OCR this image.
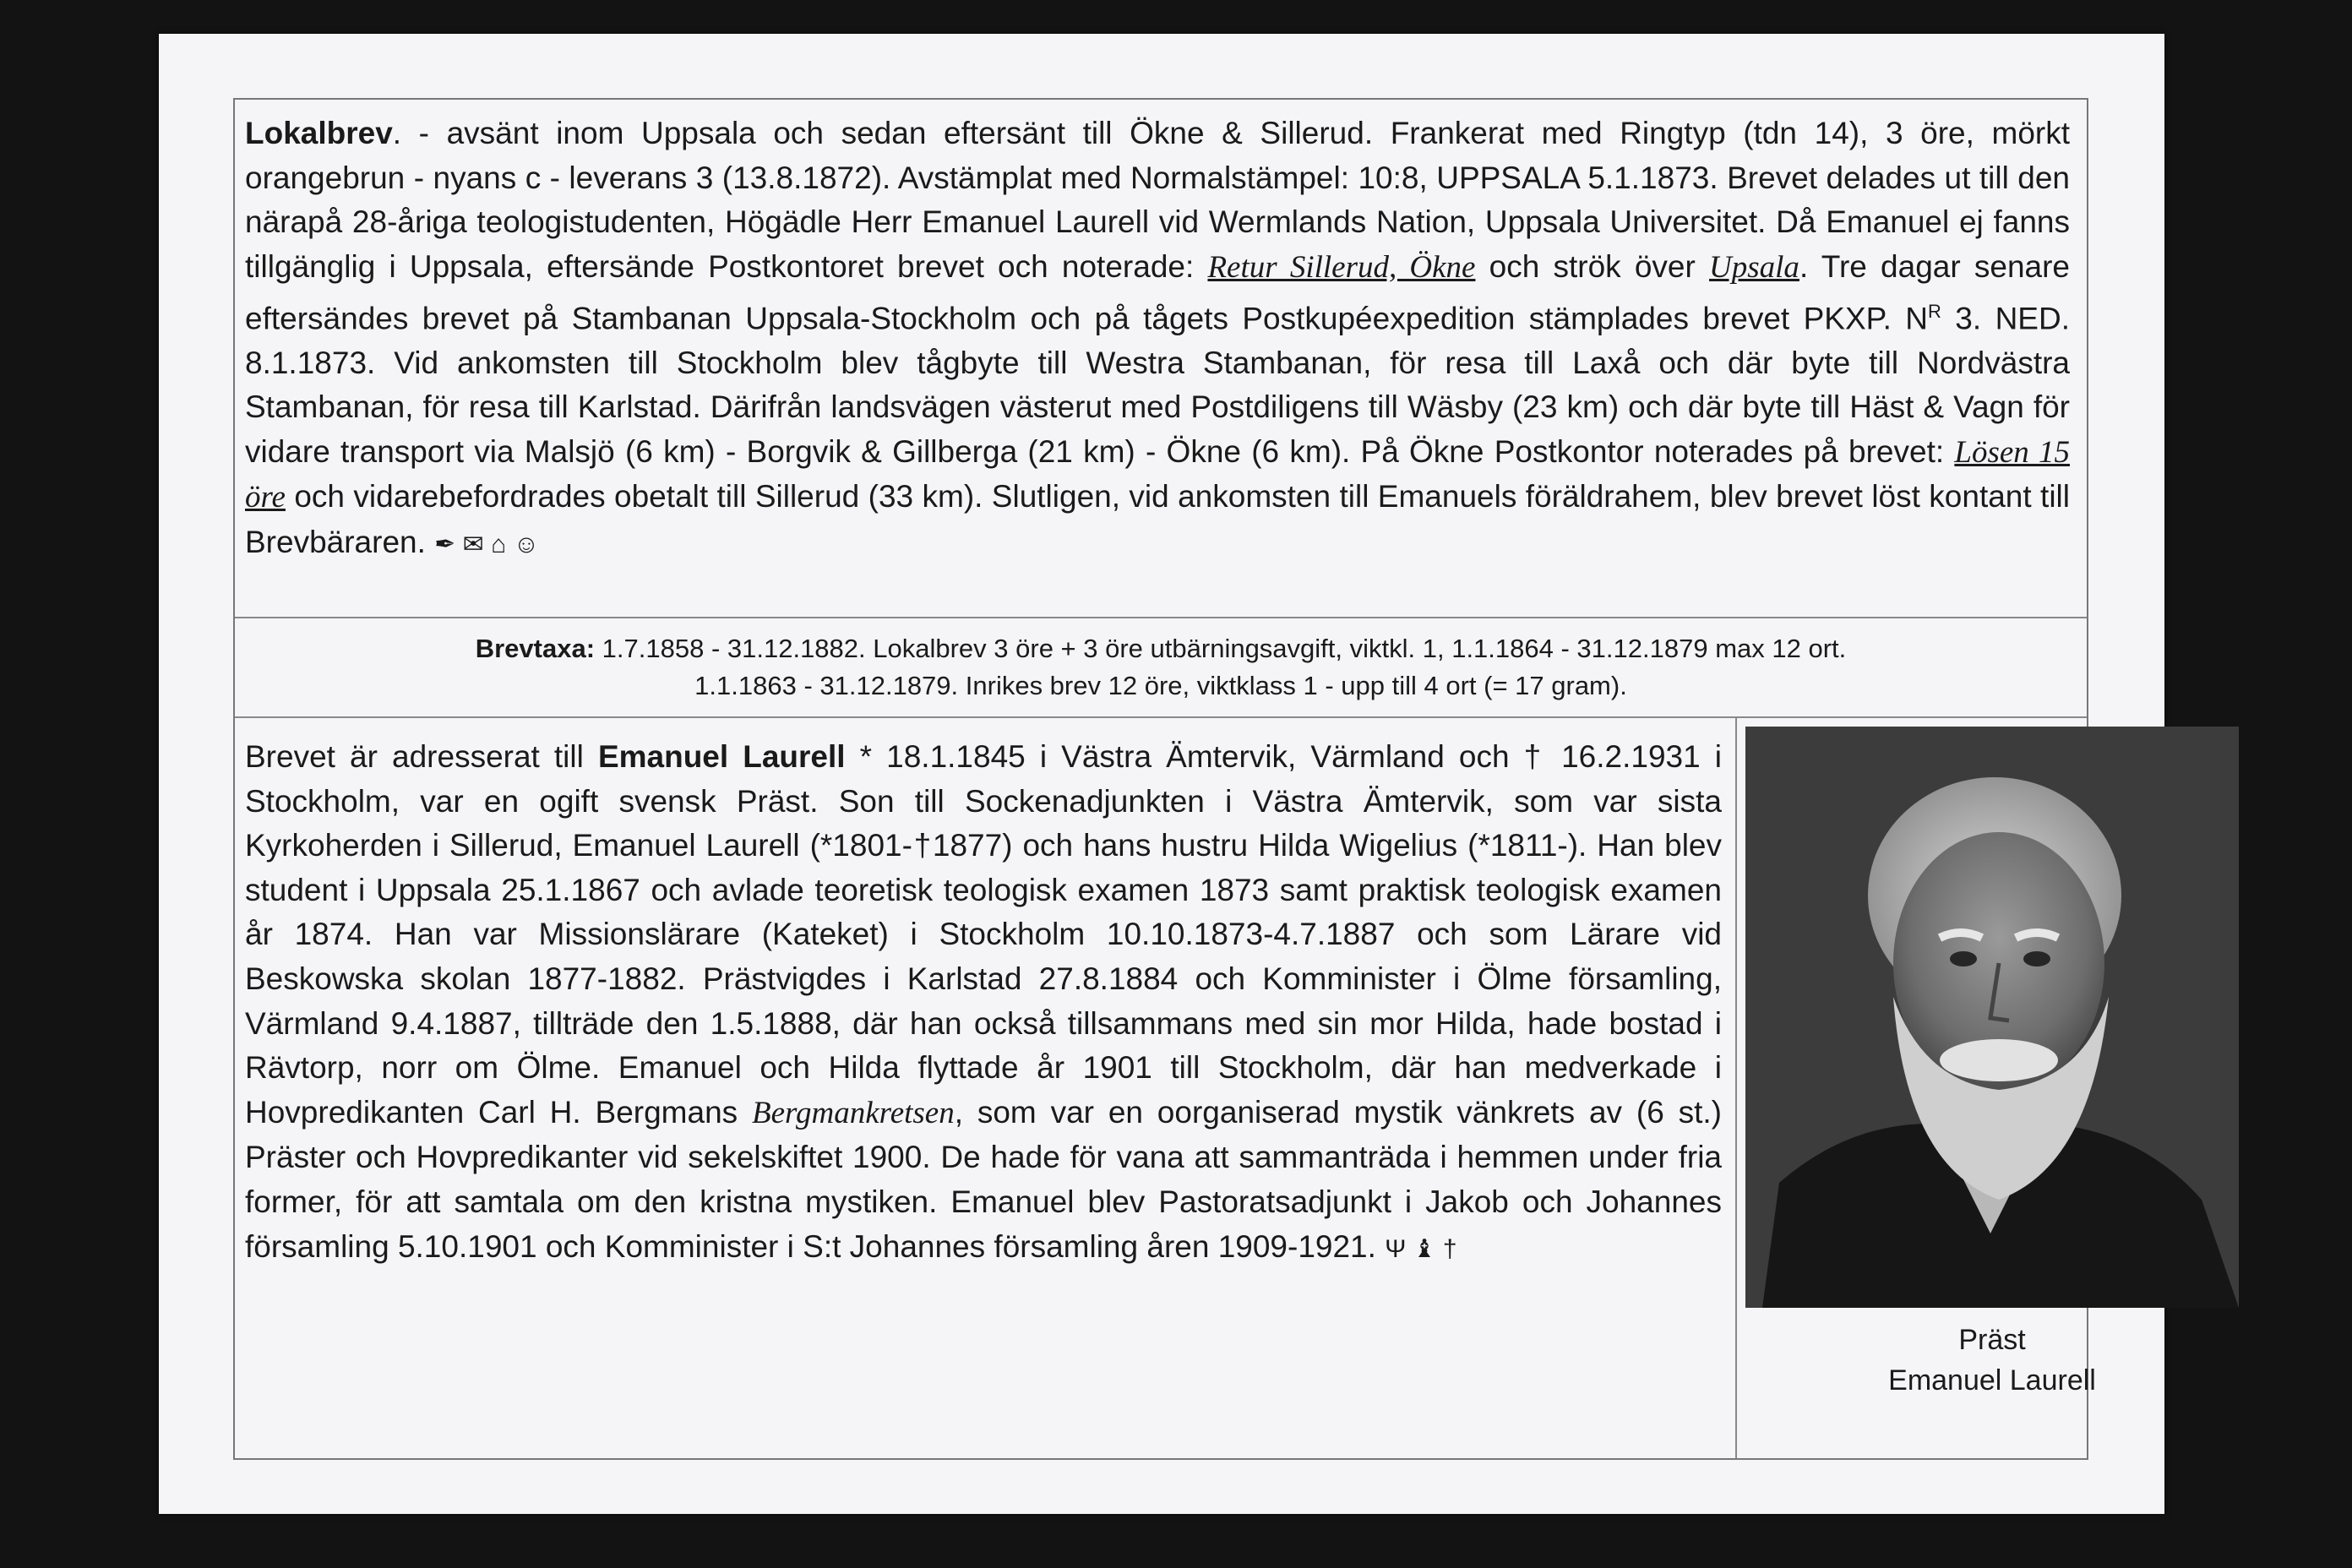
Lokalbrev. - avsänt inom Uppsala och sedan eftersänt till Ökne & Sillerud. Frankerat med Ringtyp (tdn 14), 3 öre, mörkt orangebrun - nyans c - leverans 3 (13.8.1872). Avstämplat med Normalstämpel: 10:8, UPPSALA 5.1.1873. Brevet delades ut till den närapå 28-åriga teologistudenten, Högädle Herr Emanuel Laurell vid Wermlands Nation, Uppsala Universitet. Då Emanuel ej fanns tillgänglig i Uppsala, eftersände Postkontoret brevet och noterade: Retur Sillerud, Ökne och strök över Upsala. Tre dagar senare eftersändes brevet på Stambanan Uppsala-Stockholm och på tågets Postkupéexpedition stämplades brevet PKXP. $N^R$ 3. NED. 8.1.1873. Vid ankomsten till Stockholm blev tågbyte till Westra Stambanan, för resa till Laxå och där byte till Nordvästra Stambanan, för resa till Karlstad. Därifrån landsvägen västerut med Postdiligens till Wäsby (23 km) och där byte till Häst & Vagn för vidare transport via Malsjö (6 km) - Borgvik & Gillberga (21 km) - Ökne (6 km). På Ökne Postkontor noterades på brevet: Lösen 15 öre och vidarebefordrades obetalt till Sillerud (33 km). Slutligen, vid ankomsten till Emanuels föräldrahem, blev brevet löst kontant till Brevbäraren. ✒ ✉ ⌂ ☺
Brevtaxa: 1.7.1858 - 31.12.1882. Lokalbrev 3 öre + 3 öre utbärningsavgift, viktkl. 1, 1.1.1864 - 31.12.1879 max 12 ort.
1.1.1863 - 31.12.1879. Inrikes brev 12 öre, viktklass 1 - upp till 4 ort (= 17 gram).
Brevet är adresserat till Emanuel Laurell * 18.1.1845 i Västra Ämtervik, Värmland och † 16.2.1931 i Stockholm, var en ogift svensk Präst. Son till Sockenadjunkten i Västra Ämtervik, som var sista Kyrkoherden i Sillerud, Emanuel Laurell (*1801-†1877) och hans hustru Hilda Wigelius (*1811-). Han blev student i Uppsala 25.1.1867 och avlade teoretisk teologisk examen 1873 samt praktisk teologisk examen år 1874. Han var Missionslärare (Kateket) i Stockholm 10.10.1873-4.7.1887 och som Lärare vid Beskowska skolan 1877-1882. Prästvigdes i Karlstad 27.8.1884 och Komminister i Ölme församling, Värmland 9.4.1887, tillträde den 1.5.1888, där han också tillsammans med sin mor Hilda, hade bostad i Rävtorp, norr om Ölme. Emanuel och Hilda flyttade år 1901 till Stockholm, där han medverkade i Hovpredikanten Carl H. Bergmans Bergmankretsen, som var en oorganiserad mystik vänkrets av (6 st.) Präster och Hovpredikanter vid sekelskiftet 1900. De hade för vana att sammanträda i hemmen under fria former, för att samtala om den kristna mystiken. Emanuel blev Pastoratsadjunkt i Jakob och Johannes församling 5.10.1901 och Komminister i S:t Johannes församling åren 1909-1921. Ψ ♝ †
Präst
Emanuel Laurell
